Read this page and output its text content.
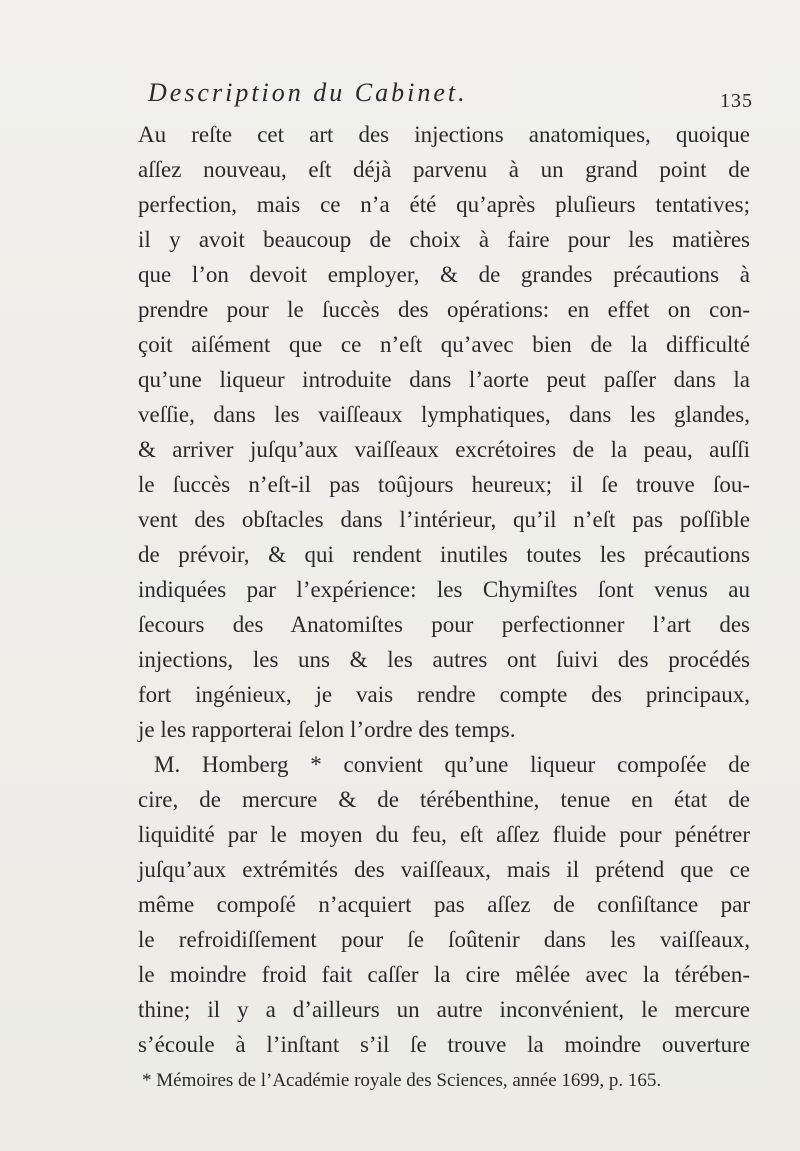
Description du Cabinet.	135
Au reſte cet art des injections anatomiques, quoique
aſſez nouveau, eſt déjà parvenu à un grand point de
perfection, mais ce n’a été qu’après pluſieurs tentatives;
il y avoit beaucoup de choix à faire pour les matières
que l’on devoit employer, & de grandes précautions à
prendre pour le ſuccès des opérations: en effet on con-
çoit aiſément que ce n’eſt qu’avec bien de la difficulté
qu’une liqueur introduite dans l’aorte peut paſſer dans la
veſſie, dans les vaiſſeaux lymphatiques, dans les glandes,
& arriver juſqu’aux vaiſſeaux excrétoires de la peau, auſſi
le ſuccès n’eſt-il pas toûjours heureux; il ſe trouve ſou-
vent des obſtacles dans l’intérieur, qu’il n’eſt pas poſſible
de prévoir, & qui rendent inutiles toutes les précautions
indiquées par l’expérience: les Chymiſtes ſont venus au
ſecours des Anatomiſtes pour perfectionner l’art des
injections, les uns & les autres ont ſuivi des procédés
fort ingénieux, je vais rendre compte des principaux,
je les rapporterai ſelon l’ordre des temps.
M. Homberg * convient qu’une liqueur compoſée de
cire, de mercure & de térébenthine, tenue en état de
liquidité par le moyen du feu, eſt aſſez fluide pour pénétrer
juſqu’aux extrémités des vaiſſeaux, mais il prétend que ce
même compoſé n’acquiert pas aſſez de conſiſtance par
le refroidiſſement pour ſe ſoûtenir dans les vaiſſeaux,
le moindre froid fait caſſer la cire mêlée avec la térében-
thine; il y a d’ailleurs un autre inconvénient, le mercure
s’écoule à l’inſtant s’il ſe trouve la moindre ouverture
* Mémoires de l’Académie royale des Sciences, année 1699, p. 165.
